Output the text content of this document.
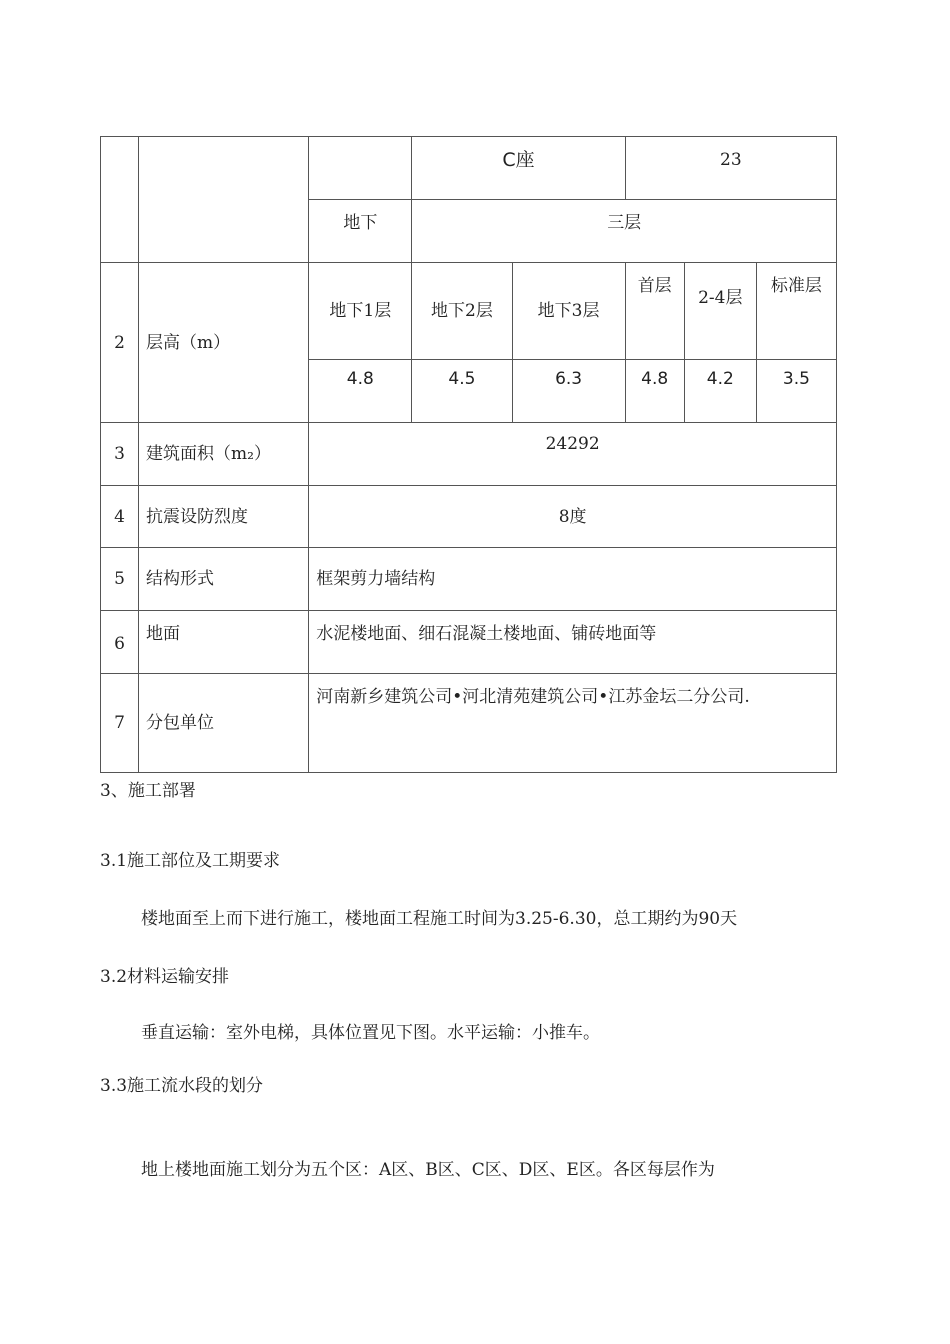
			C座		23		
		地下	三层				
2	层高（m）	地下1层	地下2层	地下3层	首层	2-4层	标准层
		4.8	4.5	6.3	4.8	4.2	3.5
3	建筑面积（m₂）	24292					
4	抗震设防烈度	8度					
5	结构形式	框架剪力墙结构					
6	地面	水泥楼地面、细石混凝土楼地面、铺砖地面等					
7	分包单位	河南新乡建筑公司•河北清苑建筑公司•江苏金坛二分公司.					

3、施工部署

3.1施工部位及工期要求

楼地面至上而下进行施工，楼地面工程施工时间为3.25-6.30，总工期约为90天

3.2材料运输安排

垂直运输：室外电梯，具体位置见下图。水平运输：小推车。

3.3施工流水段的划分

地上楼地面施工划分为五个区：A区、B区、C区、D区、E区。各区每层作为
